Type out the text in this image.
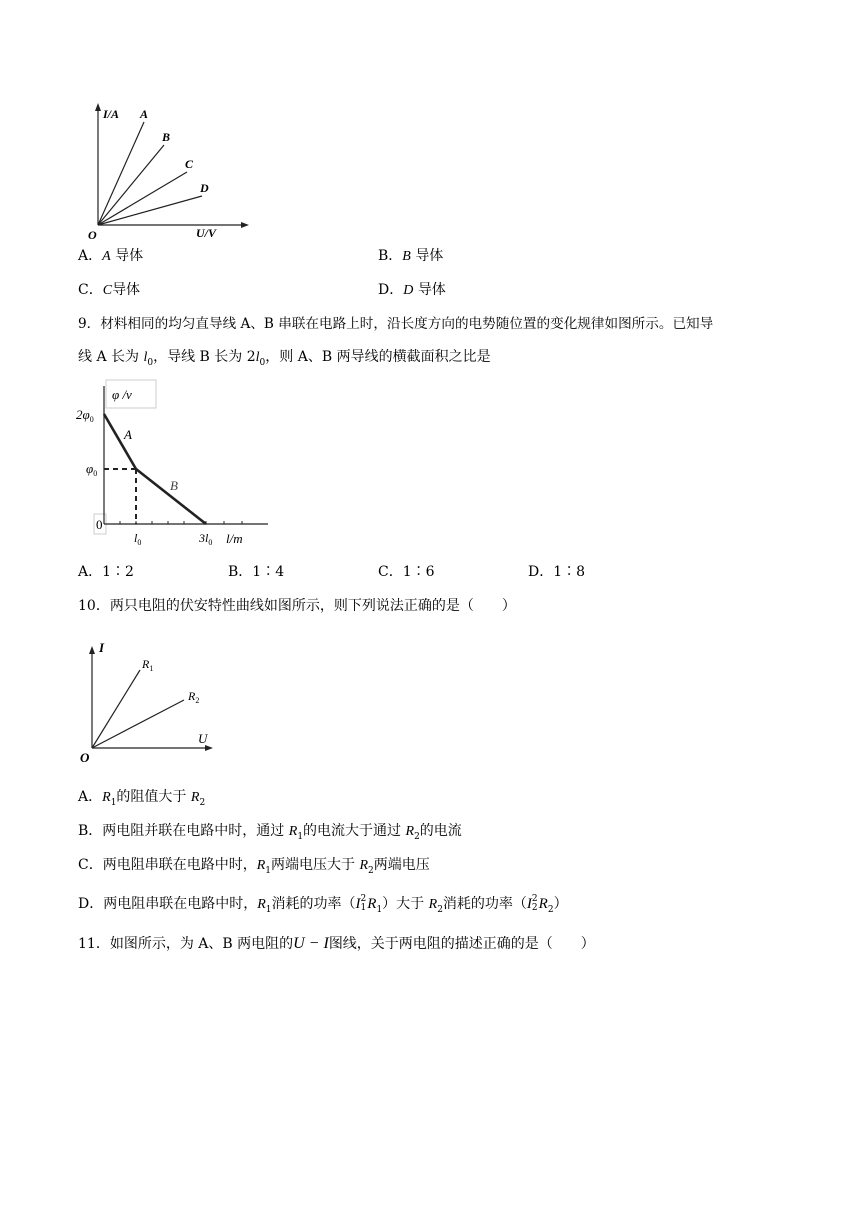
I/A
U/V
O
A
B
C
D
A．A 导体	B．B 导体
C．C导体	D．D 导体
9．材料相同的均匀直导线 A、B 串联在电路上时，沿长度方向的电势随位置的变化规律如图所示。已知导
线 A 长为 $l_0$，导线 B 长为 $2l_0$，则 A、B 两导线的横截面积之比是
φ /v
$2\varphi_0$
$\varphi_0$
0
$l_0$	$3l_0$ l/m
A
B
A．1∶2	B．1∶4	C．1∶6	D．1∶8
10．两只电阻的伏安特性曲线如图所示，则下列说法正确的是（　　）
I
U
O
$R_1$
$R_2$
A．$R_1$的阻值大于 $R_2$
B．两电阻并联在电路中时，通过 $R_1$的电流大于通过 $R_2$的电流
C．两电阻串联在电路中时，$R_1$两端电压大于 $R_2$两端电压
D．两电阻串联在电路中时，$R_1$消耗的功率（I 2
1 $R_1$）大于 $R_2$消耗的功率（I 2
2 $R_2$）
11．如图所示，为 A、B 两电阻的U − I图线，关于两电阻的描述正确的是（　　）
